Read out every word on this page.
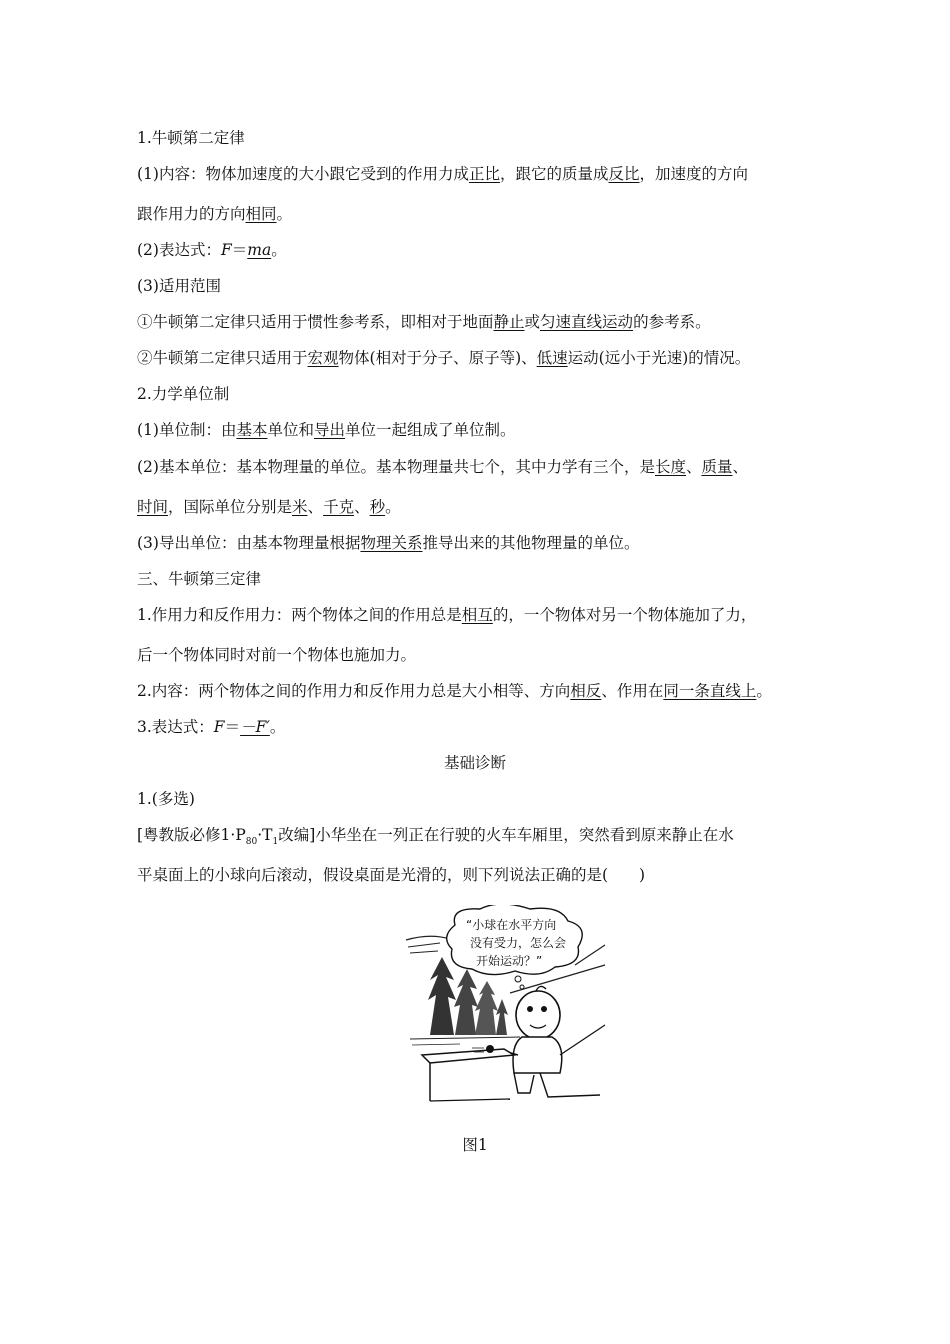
1.牛顿第二定律
(1)内容：物体加速度的大小跟它受到的作用力成正比，跟它的质量成反比，加速度的方向
跟作用力的方向相同。
(2)表达式：F＝ma。
(3)适用范围
①牛顿第二定律只适用于惯性参考系，即相对于地面静止或匀速直线运动的参考系。
②牛顿第二定律只适用于宏观物体(相对于分子、原子等)、低速运动(远小于光速)的情况。
2.力学单位制
(1)单位制：由基本单位和导出单位一起组成了单位制。
(2)基本单位：基本物理量的单位。基本物理量共七个，其中力学有三个，是长度、质量、
时间，国际单位分别是米、千克、秒。
(3)导出单位：由基本物理量根据物理关系推导出来的其他物理量的单位。
三、牛顿第三定律
1.作用力和反作用力：两个物体之间的作用总是相互的，一个物体对另一个物体施加了力，
后一个物体同时对前一个物体也施加力。
2.内容：两个物体之间的作用力和反作用力总是大小相等、方向相反、作用在同一条直线上。
3.表达式：F＝－F′。
基础诊断
1.(多选)
[粤教版必修$1\cdot P_{80}\cdot T_1$改编]小华坐在一列正在行驶的火车车厢里，突然看到原来静止在水
平桌面上的小球向后滚动，假设桌面是光滑的，则下列说法正确的是(　　)
“小球在水平方向
没有受力，怎么会
开始运动？”
图1
